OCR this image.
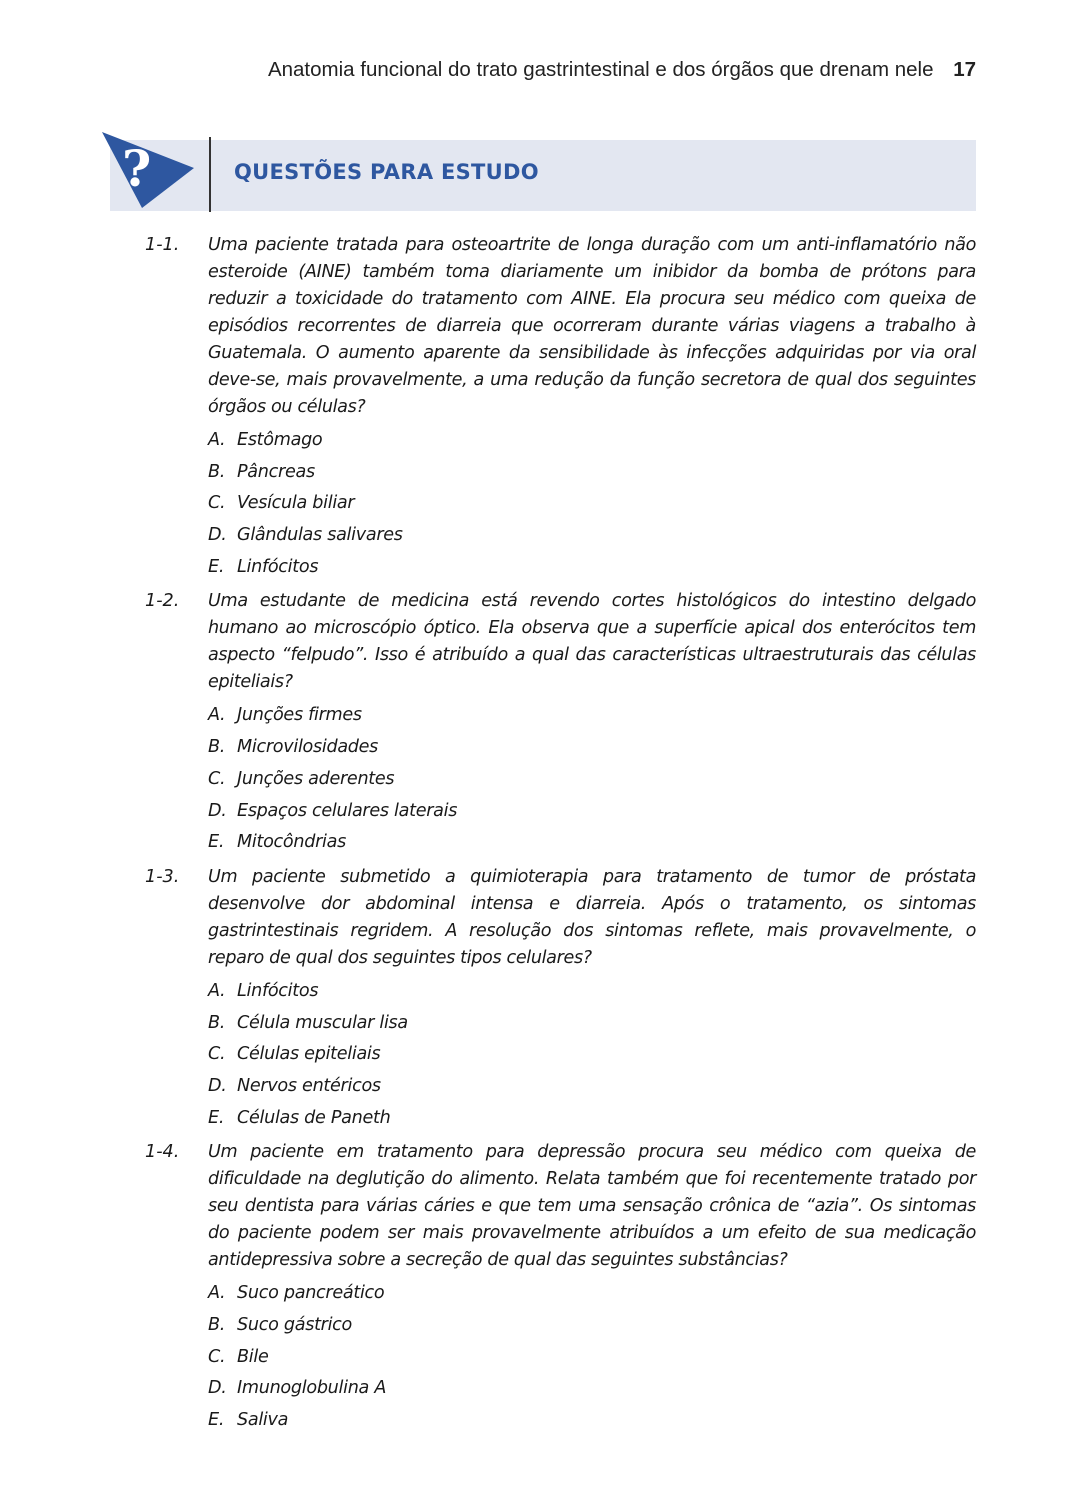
Anatomia funcional do trato gastrintestinal e dos órgãos que drenam nele 17
?	QUESTÕES PARA ESTUDO
1-1. Uma paciente tratada para osteoartrite de longa duração com um anti-inflamatório não esteroide (AINE) também toma diariamente um inibidor da bomba de prótons para reduzir a toxicidade do tratamento com AINE. Ela procura seu médico com queixa de episódios recorrentes de diarreia que ocorreram durante várias viagens a trabalho à Guatemala. O aumento aparente da sensibilidade às infecções adquiridas por via oral deve-se, mais provavelmente, a uma redução da função secretora de qual dos seguintes órgãos ou células?
A. Estômago
B. Pâncreas
C. Vesícula biliar
D. Glândulas salivares
E. Linfócitos
1-2. Uma estudante de medicina está revendo cortes histológicos do intestino delgado humano ao microscópio óptico. Ela observa que a superfície apical dos enterócitos tem aspecto “felpudo”. Isso é atribuído a qual das características ultraestruturais das células epiteliais?
A. Junções firmes
B. Microvilosidades
C. Junções aderentes
D. Espaços celulares laterais
E. Mitocôndrias
1-3. Um paciente submetido a quimioterapia para tratamento de tumor de próstata desenvolve dor abdominal intensa e diarreia. Após o tratamento, os sintomas gastrintestinais regridem. A resolução dos sintomas reflete, mais provavelmente, o reparo de qual dos seguintes tipos celulares?
A. Linfócitos
B. Célula muscular lisa
C. Células epiteliais
D. Nervos entéricos
E. Células de Paneth
1-4. Um paciente em tratamento para depressão procura seu médico com queixa de dificuldade na deglutição do alimento. Relata também que foi recentemente tratado por seu dentista para várias cáries e que tem uma sensação crônica de “azia”. Os sintomas do paciente podem ser mais provavelmente atribuídos a um efeito de sua medicação antidepressiva sobre a secreção de qual das seguintes substâncias?
A. Suco pancreático
B. Suco gástrico
C. Bile
D. Imunoglobulina A
E. Saliva
